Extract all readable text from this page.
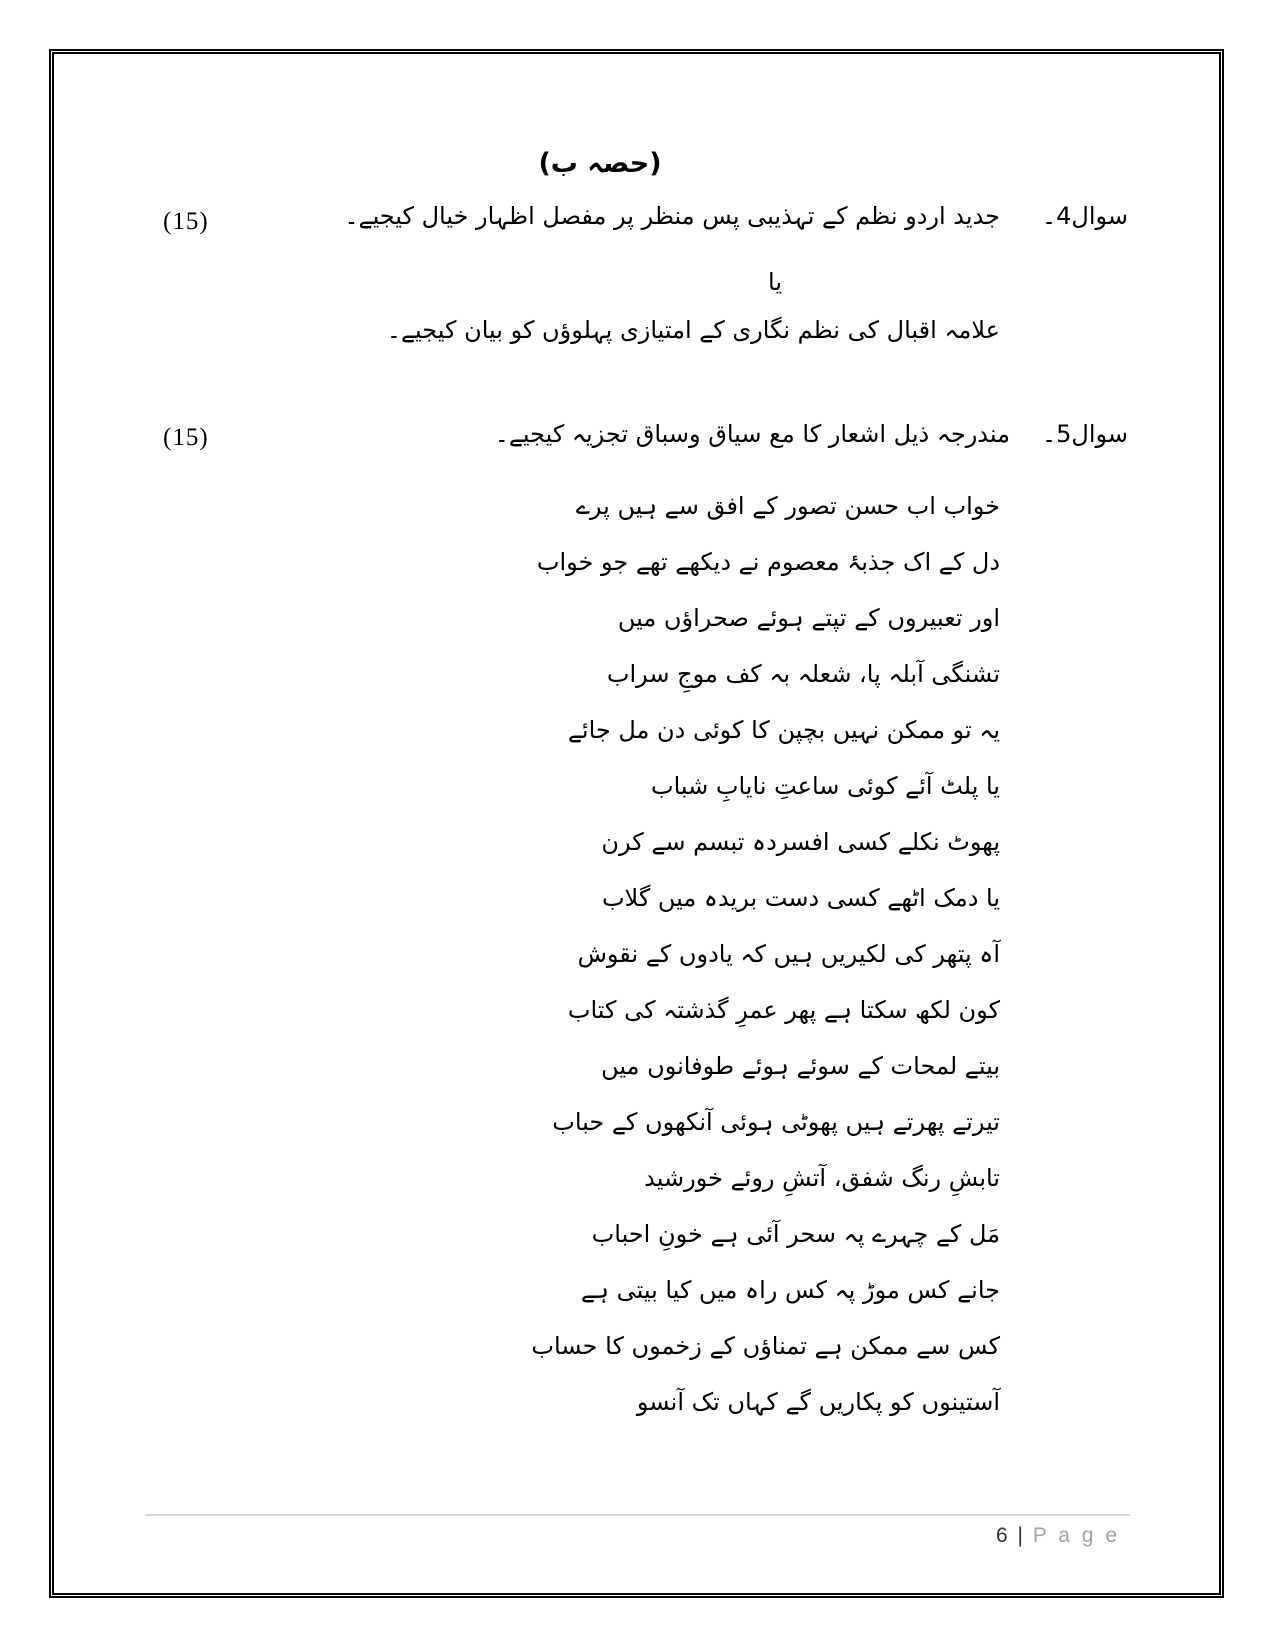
(حصہ ب)
سوال4۔
جدید اردو نظم کے تہذیبی پس منظر پر مفصل اظہار خیال کیجیے۔
(15)
یا
علامہ اقبال کی نظم نگاری کے امتیازی پہلوؤں کو بیان کیجیے۔
سوال5۔
مندرجہ ذیل اشعار کا مع سیاق وسباق تجزیہ کیجیے۔
(15)
خواب اب حسن تصور کے افق سے ہیں پرے
دل کے اک جذبۂ معصوم نے دیکھے تھے جو خواب
اور تعبیروں کے تپتے ہوئے صحراؤں میں
تشنگی آبلہ پا، شعلہ بہ کف موجِ سراب
یہ تو ممکن نہیں بچپن کا کوئی دن مل جائے
یا پلٹ آئے کوئی ساعتِ نایابِ شباب
پھوٹ نکلے کسی افسردہ تبسم سے کرن
یا دمک اٹھے کسی دست بریدہ میں گلاب
آہ پتھر کی لکیریں ہیں کہ یادوں کے نقوش
کون لکھ سکتا ہے پھر عمرِ گذشتہ کی کتاب
بیتے لمحات کے سوئے ہوئے طوفانوں میں
تیرتے پھرتے ہیں پھوٹی ہوئی آنکھوں کے حباب
تابشِ رنگ شفق، آتشِ روئے خورشید
مَل کے چہرے پہ سحر آئی ہے خونِ احباب
جانے کس موڑ پہ کس راہ میں کیا بیتی ہے
کس سے ممکن ہے تمناؤں کے زخموں کا حساب
آستینوں کو پکاریں گے کہاں تک آنسو
6 | P a g e
